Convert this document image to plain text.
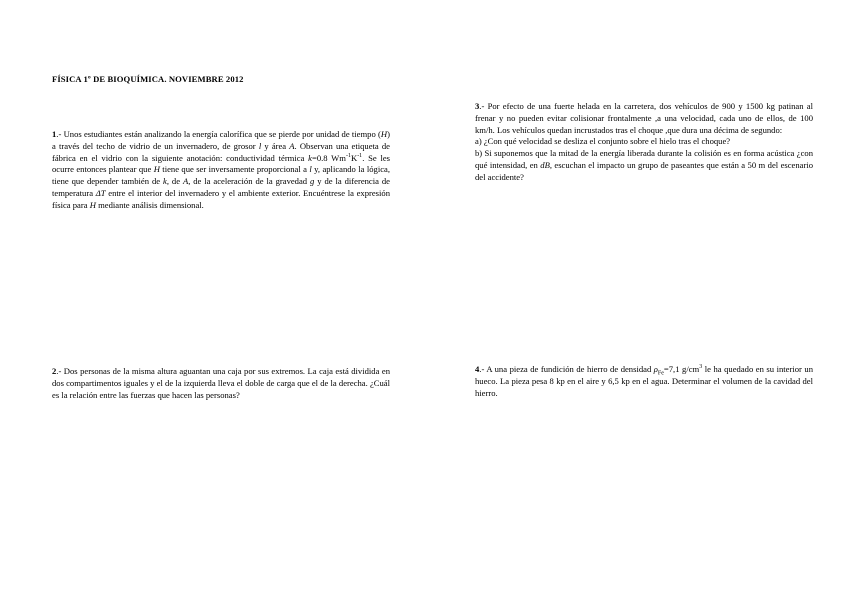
FÍSICA 1º DE BIOQUÍMICA. NOVIEMBRE 2012
1.- Unos estudiantes están analizando la energía calorífica que se pierde por unidad de tiempo (H) a través del techo de vidrio de un invernadero, de grosor l y área A. Observan una etiqueta de fábrica en el vidrio con la siguiente anotación: conductividad térmica k=0.8 $Wm^{-1}K^{-1}$. Se les ocurre entonces plantear que H tiene que ser inversamente proporcional a l y, aplicando la lógica, tiene que depender también de k, de A, de la aceleración de la gravedad g y de la diferencia de temperatura ΔT entre el interior del invernadero y el ambiente exterior. Encuéntrese la expresión física para H mediante análisis dimensional.
2.- Dos personas de la misma altura aguantan una caja por sus extremos. La caja está dividida en dos compartimentos iguales y el de la izquierda lleva el doble de carga que el de la derecha. ¿Cuál es la relación entre las fuerzas que hacen las personas?
3.- Por efecto de una fuerte helada en la carretera, dos vehículos de 900 y 1500 kg patinan al frenar y no pueden evitar colisionar frontalmente ,a una velocidad, cada uno de ellos, de 100 km/h. Los vehículos quedan incrustados tras el choque ,que dura una décima de segundo:
a) ¿Con qué velocidad se desliza el conjunto sobre el hielo tras el choque?
b) Si suponemos que la mitad de la energía liberada durante la colisión es en forma acústica ¿con qué intensidad, en dB, escuchan el impacto un grupo de paseantes que están a 50 m del escenario del accidente?
4.- A una pieza de fundición de hierro de densidad $\rho_{Fe}=7,1$ $g/cm^3$ le ha quedado en su interior un hueco. La pieza pesa 8 kp en el aire y 6,5 kp en el agua. Determinar el volumen de la cavidad del hierro.
